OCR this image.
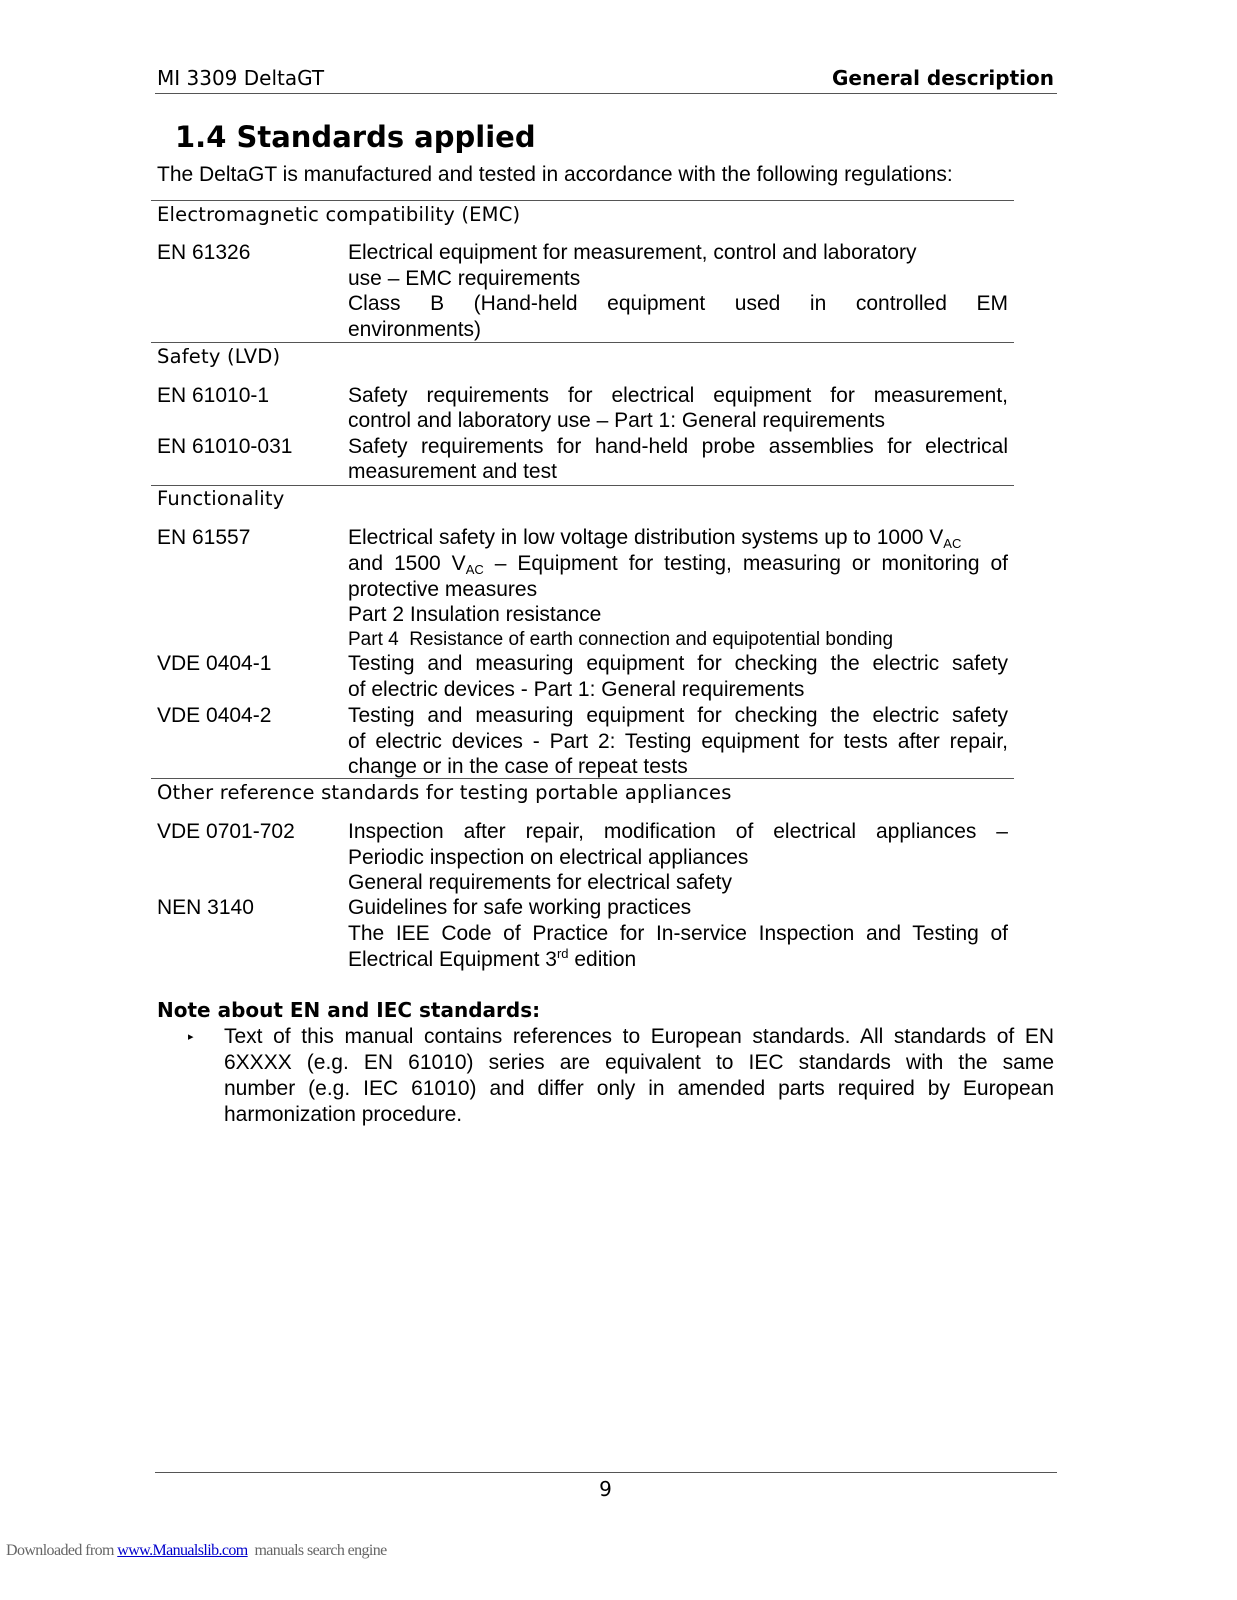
MI 3309 DeltaGT	General description
1.4 Standards applied
The DeltaGT is manufactured and tested in accordance with the following regulations:
Electromagnetic compatibility (EMC)
EN 61326	Electrical equipment for measurement, control and laboratory
use – EMC requirements
Class B (Hand-held equipment used in controlled EM
environments)
Safety (LVD)
EN 61010-1	Safety requirements for electrical equipment for measurement,
control and laboratory use – Part 1: General requirements
EN 61010-031	Safety requirements for hand-held probe assemblies for electrical
measurement and test
Functionality
EN 61557	Electrical safety in low voltage distribution systems up to 1000 $V_{AC}$
and 1500 $V_{AC}$ – Equipment for testing, measuring or monitoring of
protective measures
Part 2 Insulation resistance
Part 4  Resistance of earth connection and equipotential bonding
VDE 0404-1	Testing and measuring equipment for checking the electric safety
of electric devices - Part 1: General requirements
VDE 0404-2	Testing and measuring equipment for checking the electric safety
of electric devices - Part 2: Testing equipment for tests after repair,
change or in the case of repeat tests
Other reference standards for testing portable appliances
VDE 0701-702	Inspection after repair, modification of electrical appliances –
Periodic inspection on electrical appliances
General requirements for electrical safety
NEN 3140	Guidelines for safe working practices
The IEE Code of Practice for In-service Inspection and Testing of
Electrical Equipment 3rd edition
Note about EN and IEC standards:
▸ Text of this manual contains references to European standards. All standards of EN
6XXXX (e.g. EN 61010) series are equivalent to IEC standards with the same
number (e.g. IEC 61010) and differ only in amended parts required by European
harmonization procedure.
9
Downloaded from www.Manualslib.com  manuals search engine
